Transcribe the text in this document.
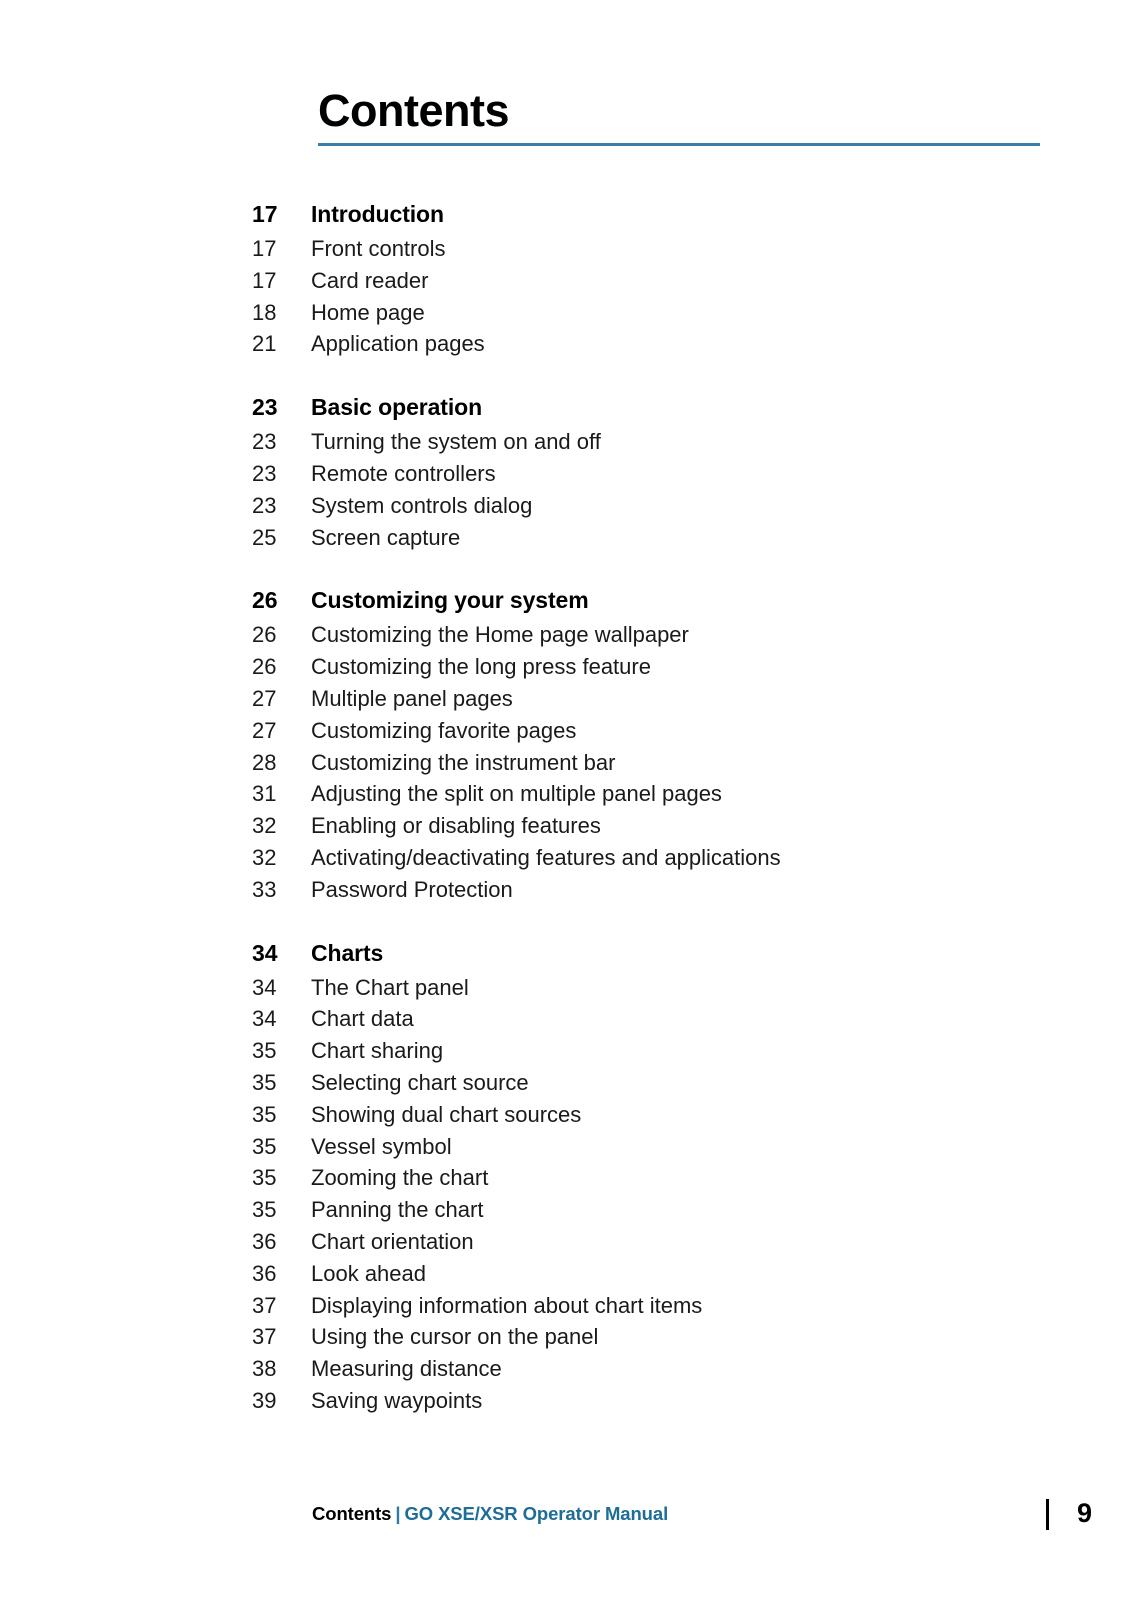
Contents
17	Introduction
17	Front controls
17	Card reader
18	Home page
21	Application pages
23	Basic operation
23	Turning the system on and off
23	Remote controllers
23	System controls dialog
25	Screen capture
26	Customizing your system
26	Customizing the Home page wallpaper
26	Customizing the long press feature
27	Multiple panel pages
27	Customizing favorite pages
28	Customizing the instrument bar
31	Adjusting the split on multiple panel pages
32	Enabling or disabling features
32	Activating/deactivating features and applications
33	Password Protection
34	Charts
34	The Chart panel
34	Chart data
35	Chart sharing
35	Selecting chart source
35	Showing dual chart sources
35	Vessel symbol
35	Zooming the chart
35	Panning the chart
36	Chart orientation
36	Look ahead
37	Displaying information about chart items
37	Using the cursor on the panel
38	Measuring distance
39	Saving waypoints
Contents | GO XSE/XSR Operator Manual	9
